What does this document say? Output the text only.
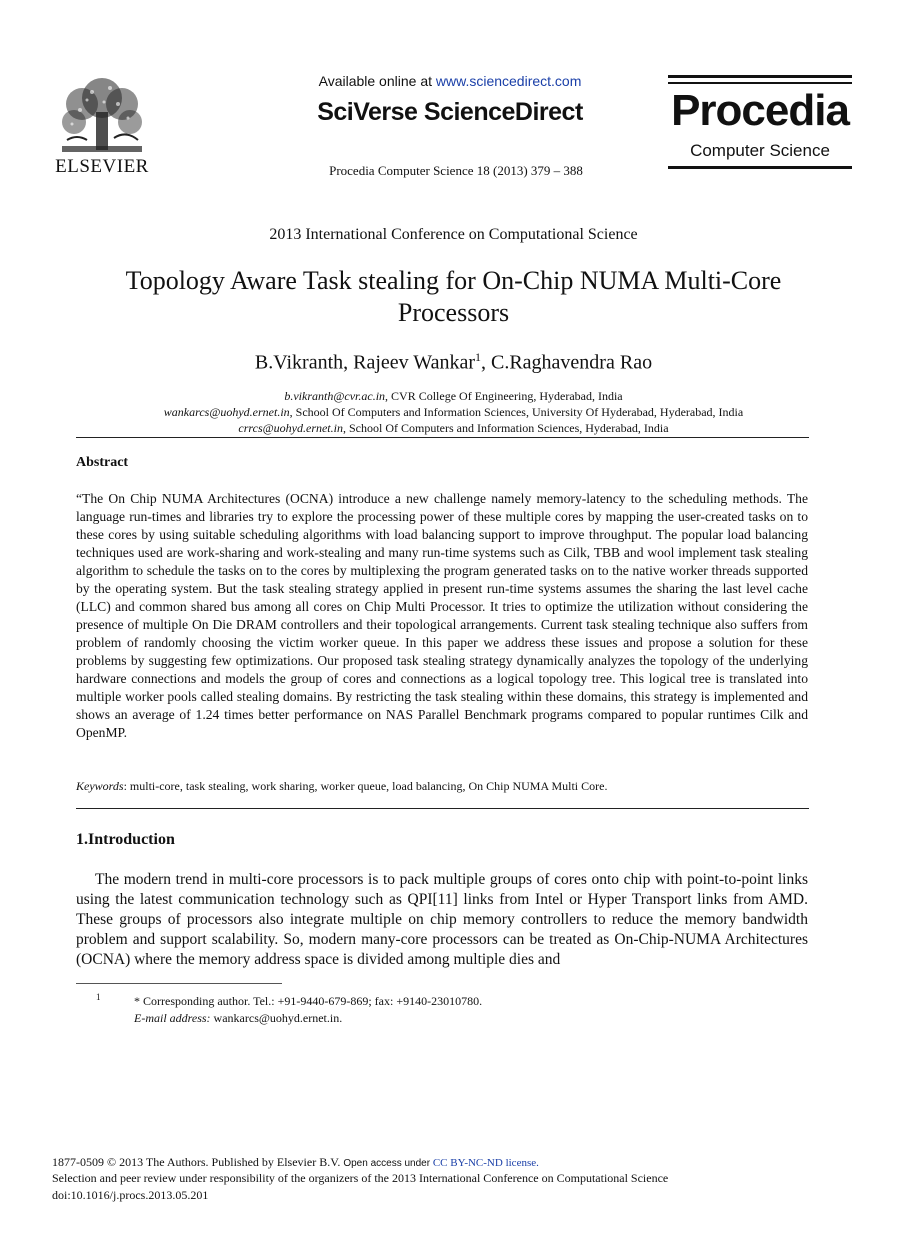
ELSEVIER
Available online at www.sciencedirect.com
SciVerse ScienceDirect
Procedia Computer Science 18 (2013) 379 – 388
Procedia
Computer Science
2013 International Conference on Computational Science
Topology Aware Task stealing for On-Chip NUMA Multi-Core
Processors
B.Vikranth, Rajeev Wankar$^1$, C.Raghavendra Rao
b.vikranth@cvr.ac.in, CVR College Of Engineering, Hyderabad, India
wankarcs@uohyd.ernet.in, School Of Computers and Information Sciences, University Of Hyderabad, Hyderabad, India
crrcs@uohyd.ernet.in, School Of Computers and Information Sciences, Hyderabad, India
Abstract
“The On Chip NUMA Architectures (OCNA) introduce a new challenge namely memory-latency to the scheduling methods. The language run-times and libraries try to explore the processing power of these multiple cores by mapping the user-created tasks on to these cores by using suitable scheduling algorithms with load balancing support to improve throughput. The popular load balancing techniques used are work-sharing and work-stealing and many run-time systems such as Cilk, TBB and wool implement task stealing algorithm to schedule the tasks on to the cores by multiplexing the program generated tasks on to the native worker threads supported by the operating system. But the task stealing strategy applied in present run-time systems assumes the sharing the last level cache (LLC) and common shared bus among all cores on Chip Multi Processor. It tries to optimize the utilization without considering the presence of multiple On Die DRAM controllers and their topological arrangements. Current task stealing technique also suffers from problem of randomly choosing the victim worker queue. In this paper we address these issues and propose a solution for these problems by suggesting few optimizations. Our proposed task stealing strategy dynamically analyzes the topology of the underlying hardware connections and models the group of cores and connections as a logical topology tree. This logical tree is translated into multiple worker pools called stealing domains. By restricting the task stealing within these domains, this strategy is implemented and shows an average of 1.24 times better performance on NAS Parallel Benchmark programs compared to popular runtimes Cilk and OpenMP.
Keywords: multi-core, task stealing, work sharing, worker queue, load balancing, On Chip NUMA Multi Core.
1.Introduction
The modern trend in multi-core processors is to pack multiple groups of cores onto chip with point-to-point links using the latest communication technology such as QPI[11] links from Intel or Hyper Transport links from AMD. These groups of processors also integrate multiple on chip memory controllers to reduce the memory bandwidth problem and support scalability. So, modern many-core processors can be treated as On-Chip-NUMA Architectures (OCNA) where the memory address space is divided among multiple dies and
1	* Corresponding author. Tel.: +91-9440-679-869; fax: +9140-23010780.
E-mail address: wankarcs@uohyd.ernet.in.
1877-0509 © 2013 The Authors. Published by Elsevier B.V. Open access under CC BY-NC-ND license.
Selection and peer review under responsibility of the organizers of the 2013 International Conference on Computational Science
doi:10.1016/j.procs.2013.05.201
